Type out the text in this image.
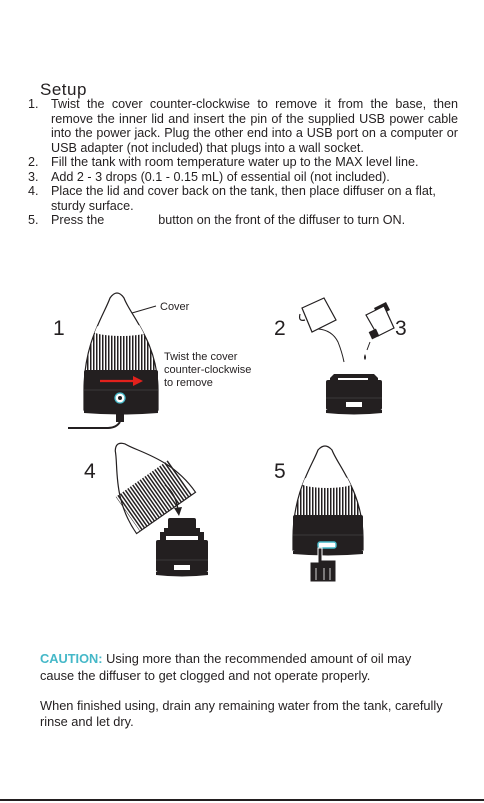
Setup
1. Twist the cover counter-clockwise to remove it from the base, then remove the inner lid and insert the pin of the supplied USB power cable into the power jack. Plug the other end into a USB port on a computer or USB adapter (not included) that plugs into a wall socket.
2. Fill the tank with room temperature water up to the MAX level line.
3. Add 2 - 3 drops (0.1 - 0.15 mL) of essential oil (not included).
4. Place the lid and cover back on the tank, then place diffuser on a flat, sturdy surface.
5. Press the	button on the front of the diffuser to turn ON.
1
Cover
Twist the cover
counter-clockwise
to remove
2	3
4	5
CAUTION: Using more than the recommended amount of oil may cause the diffuser to get clogged and not operate properly.
When finished using, drain any remaining water from the tank, carefully rinse and let dry.
